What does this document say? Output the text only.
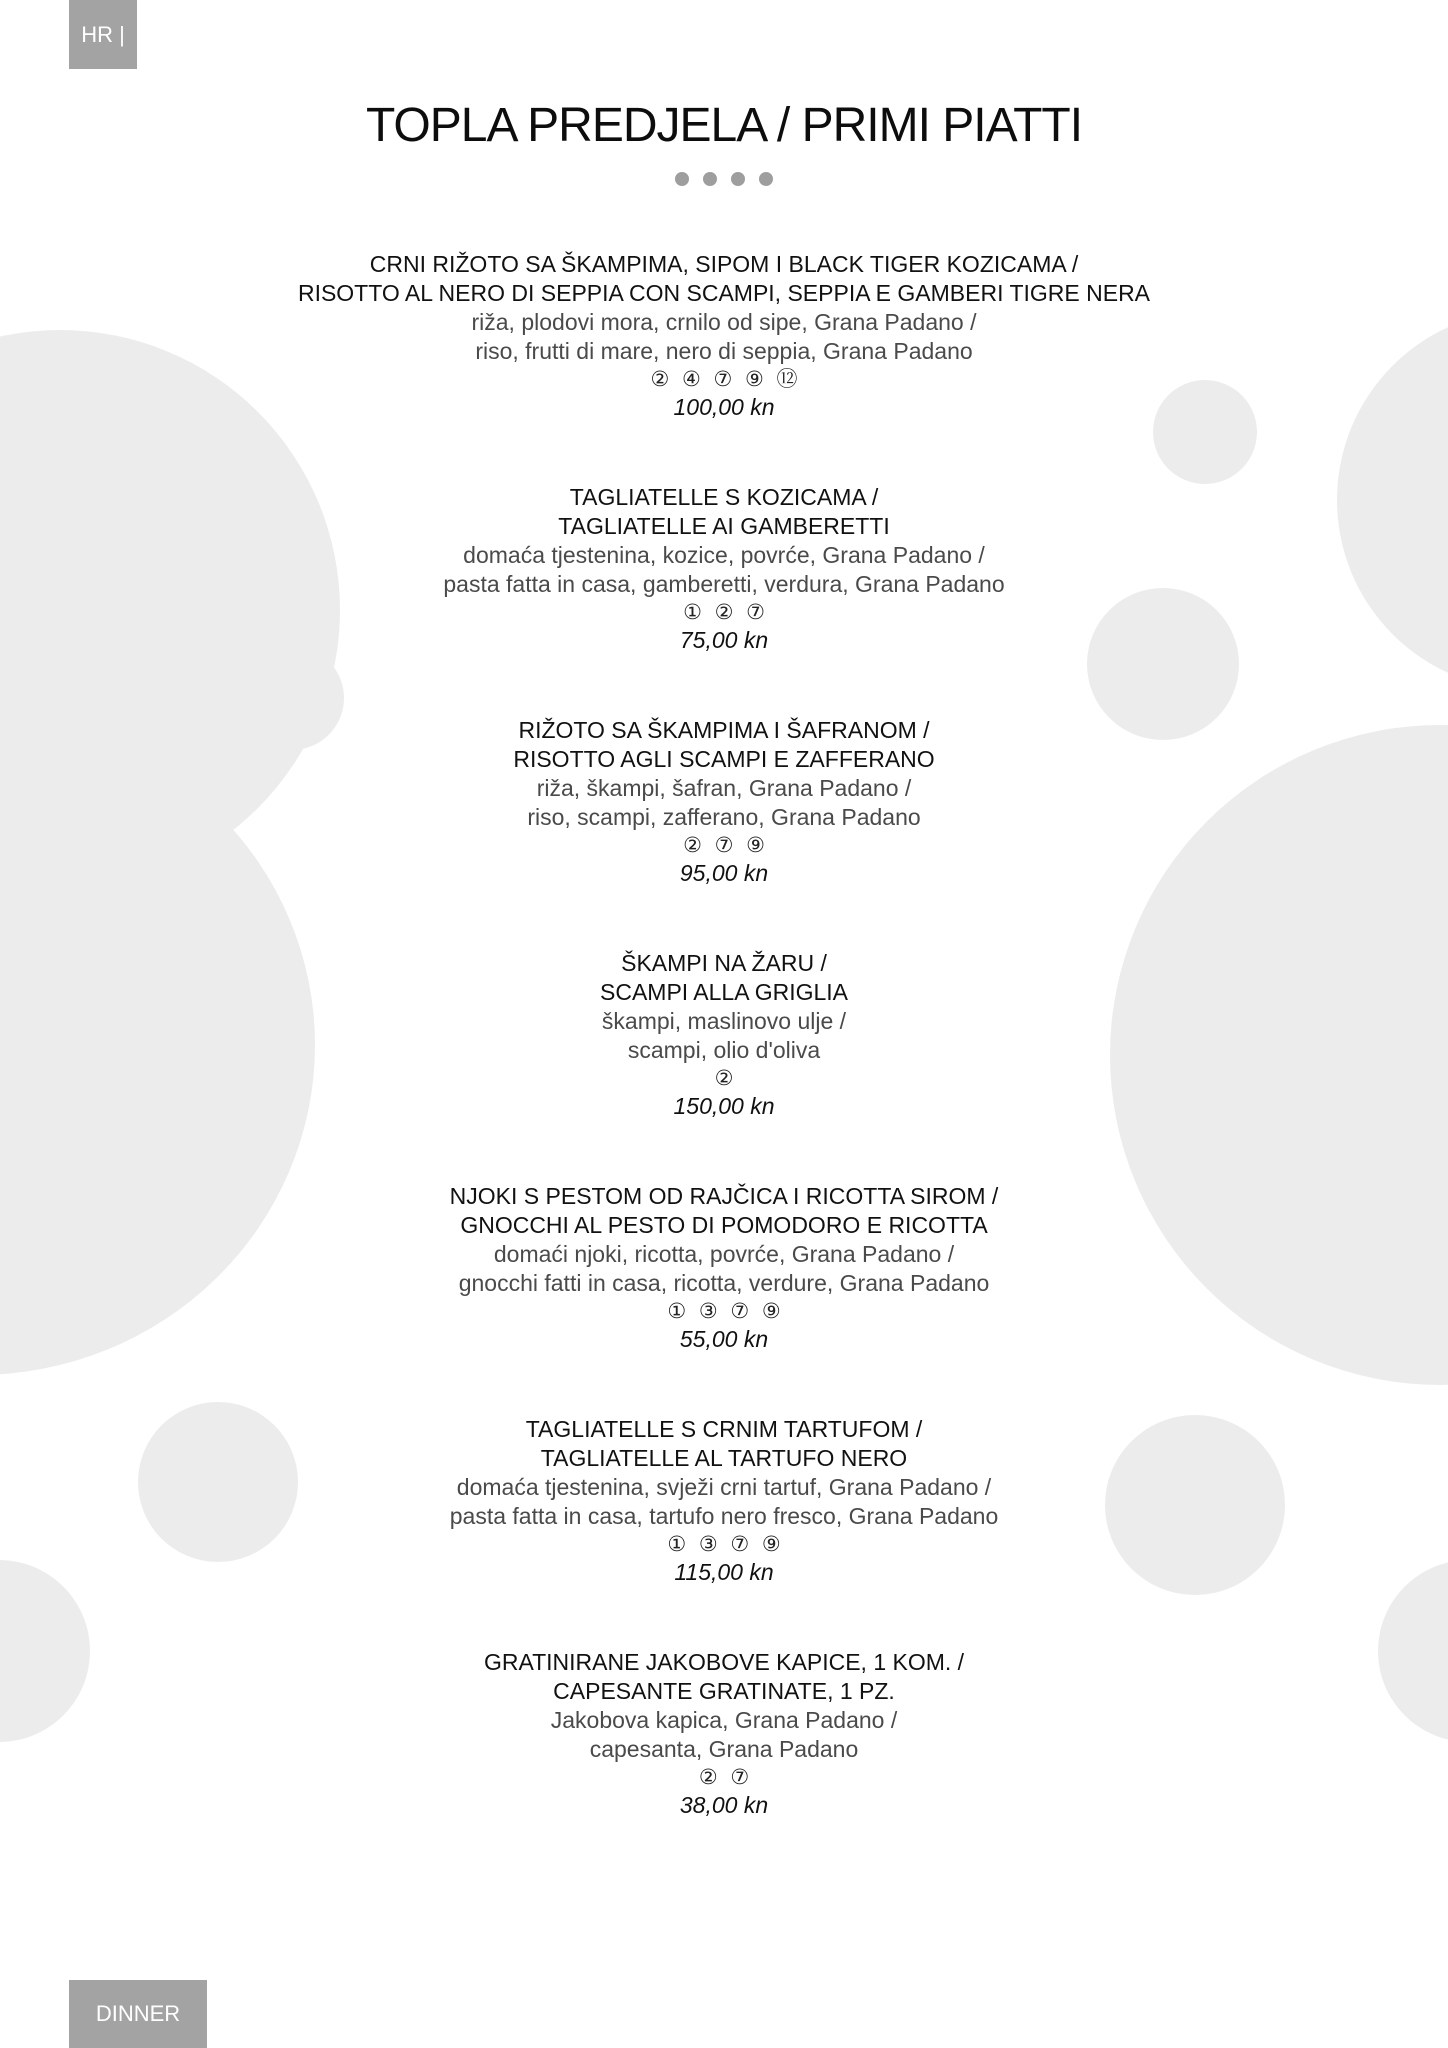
HR | IT	TOPLA PREDJELA / PRIMI PIATTI
CRNI RIŽOTO SA ŠKAMPIMA, SIPOM I BLACK TIGER KOZICAMA /
RISOTTO AL NERO DI SEPPIA CON SCAMPI, SEPPIA E GAMBERI TIGRE NERA
riža, plodovi mora, crnilo od sipe, Grana Padano /
riso, frutti di mare, nero di seppia, Grana Padano
② ④ ⑦ ⑨ ⑫
100,00 kn
TAGLIATELLE S KOZICAMA /
TAGLIATELLE AI GAMBERETTI
domaća tjestenina, kozice, povrće, Grana Padano /
pasta fatta in casa, gamberetti, verdura, Grana Padano
① ② ⑦
75,00 kn
RIŽOTO SA ŠKAMPIMA I ŠAFRANOM /
RISOTTO AGLI SCAMPI E ZAFFERANO
riža, škampi, šafran, Grana Padano /
riso, scampi, zafferano, Grana Padano
② ⑦ ⑨
95,00 kn
ŠKAMPI NA ŽARU /
SCAMPI ALLA GRIGLIA
škampi, maslinovo ulje /
scampi, olio d'oliva
②
150,00 kn
NJOKI S PESTOM OD RAJČICA I RICOTTA SIROM /
GNOCCHI AL PESTO DI POMODORO E RICOTTA
domaći njoki, ricotta, povrće, Grana Padano /
gnocchi fatti in casa, ricotta, verdure, Grana Padano
① ③ ⑦ ⑨
55,00 kn
TAGLIATELLE S CRNIM TARTUFOM /
TAGLIATELLE AL TARTUFO NERO
domaća tjestenina, svježi crni tartuf, Grana Padano /
pasta fatta in casa, tartufo nero fresco, Grana Padano
① ③ ⑦ ⑨
115,00 kn
GRATINIRANE JAKOBOVE KAPICE, 1 KOM. /
CAPESANTE GRATINATE, 1 PZ.
Jakobova kapica, Grana Padano /
capesanta, Grana Padano
② ⑦
38,00 kn
DINNER
